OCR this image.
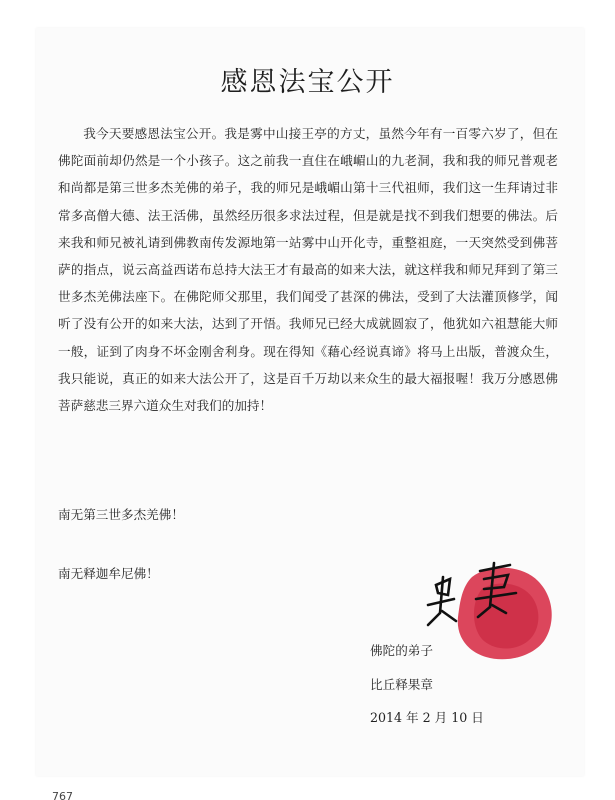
感恩法宝公开
我今天要感恩法宝公开。我是雾中山接王亭的方丈，虽然今年有一百零六岁了，但在佛陀面前却仍然是一个小孩子。这之前我一直住在峨嵋山的九老洞，我和我的师兄普观老和尚都是第三世多杰羌佛的弟子，我的师兄是峨嵋山第十三代祖师，我们这一生拜请过非常多高僧大德、法王活佛，虽然经历很多求法过程，但是就是找不到我们想要的佛法。后来我和师兄被礼请到佛教南传发源地第一站雾中山开化寺，重整祖庭，一天突然受到佛菩萨的指点，说云高益西诺布总持大法王才有最高的如来大法，就这样我和师兄拜到了第三世多杰羌佛法座下。在佛陀师父那里，我们闻受了甚深的佛法，受到了大法灌顶修学，闻听了没有公开的如来大法，达到了开悟。我师兄已经大成就圆寂了，他犹如六祖慧能大师一般，证到了肉身不坏金刚舍利身。现在得知《藉心经说真谛》将马上出版，普渡众生，我只能说，真正的如来大法公开了，这是百千万劫以来众生的最大福报喔！我万分感恩佛菩萨慈悲三界六道众生对我们的加持！
南无第三世多杰羌佛！
南无释迦牟尼佛！
佛陀的弟子
比丘释果章
2014 年 2 月 10 日
767
